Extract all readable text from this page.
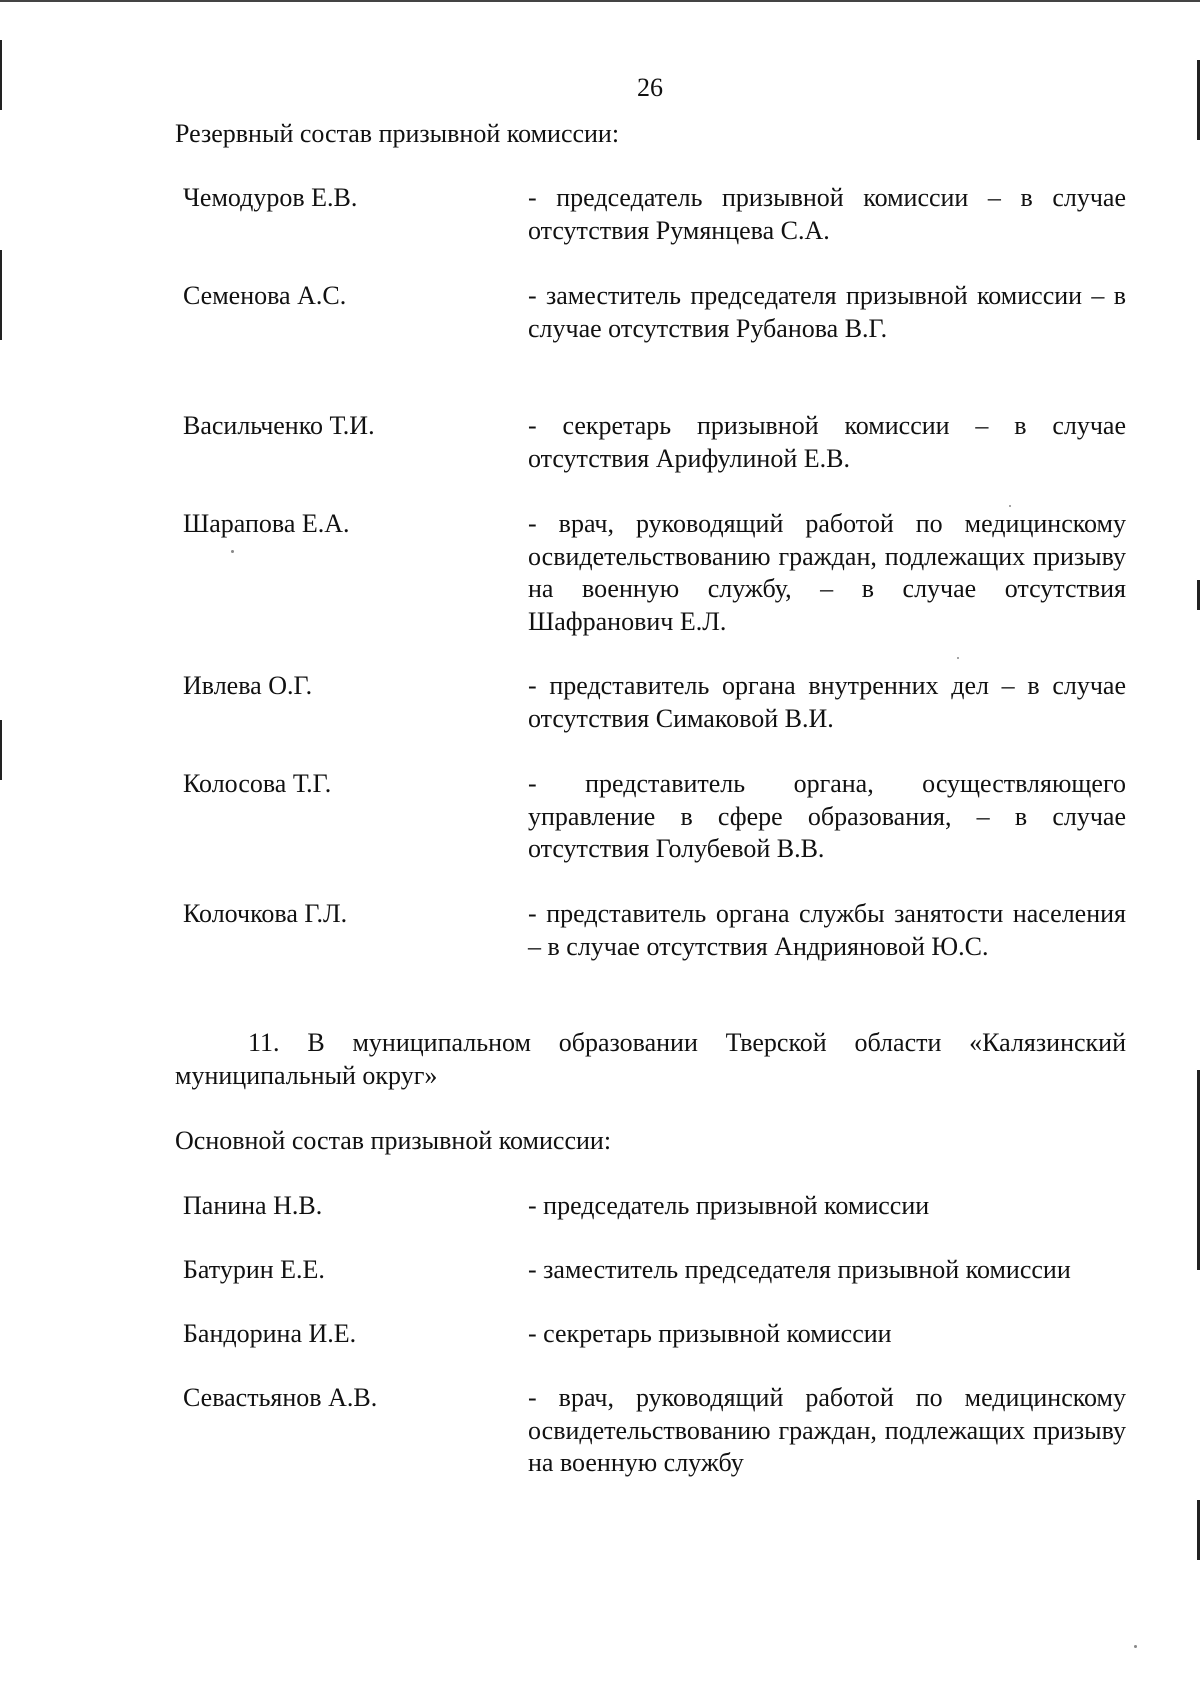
26
Резервный состав призывной комиссии:
Чемодуров Е.В.	- председатель призывной комиссии – в случае отсутствия Румянцева С.А.
Семенова А.С.	- заместитель председателя призывной комиссии – в случае отсутствия Рубанова В.Г.
Васильченко Т.И.	- секретарь призывной комиссии – в случае отсутствия Арифулиной Е.В.
Шарапова Е.А.	- врач, руководящий работой по медицинскому освидетельствованию граждан, подлежащих призыву на военную службу, – в случае отсутствия Шафранович Е.Л.
Ивлева О.Г.	- представитель органа внутренних дел – в случае отсутствия Симаковой В.И.
Колосова Т.Г.	- представитель органа, осуществляющего управление в сфере образования, – в случае отсутствия Голубевой В.В.
Колочкова Г.Л.	- представитель органа службы занятости населения – в случае отсутствия Андрияновой Ю.С.
11. В муниципальном образовании Тверской области «Калязинский муниципальный округ»
Основной состав призывной комиссии:
Панина Н.В.	- председатель призывной комиссии
Батурин Е.Е.	- заместитель председателя призывной комиссии
Бандорина И.Е.	- секретарь призывной комиссии
Севастьянов А.В.	- врач, руководящий работой по медицинскому освидетельствованию граждан, подлежащих призыву на военную службу
